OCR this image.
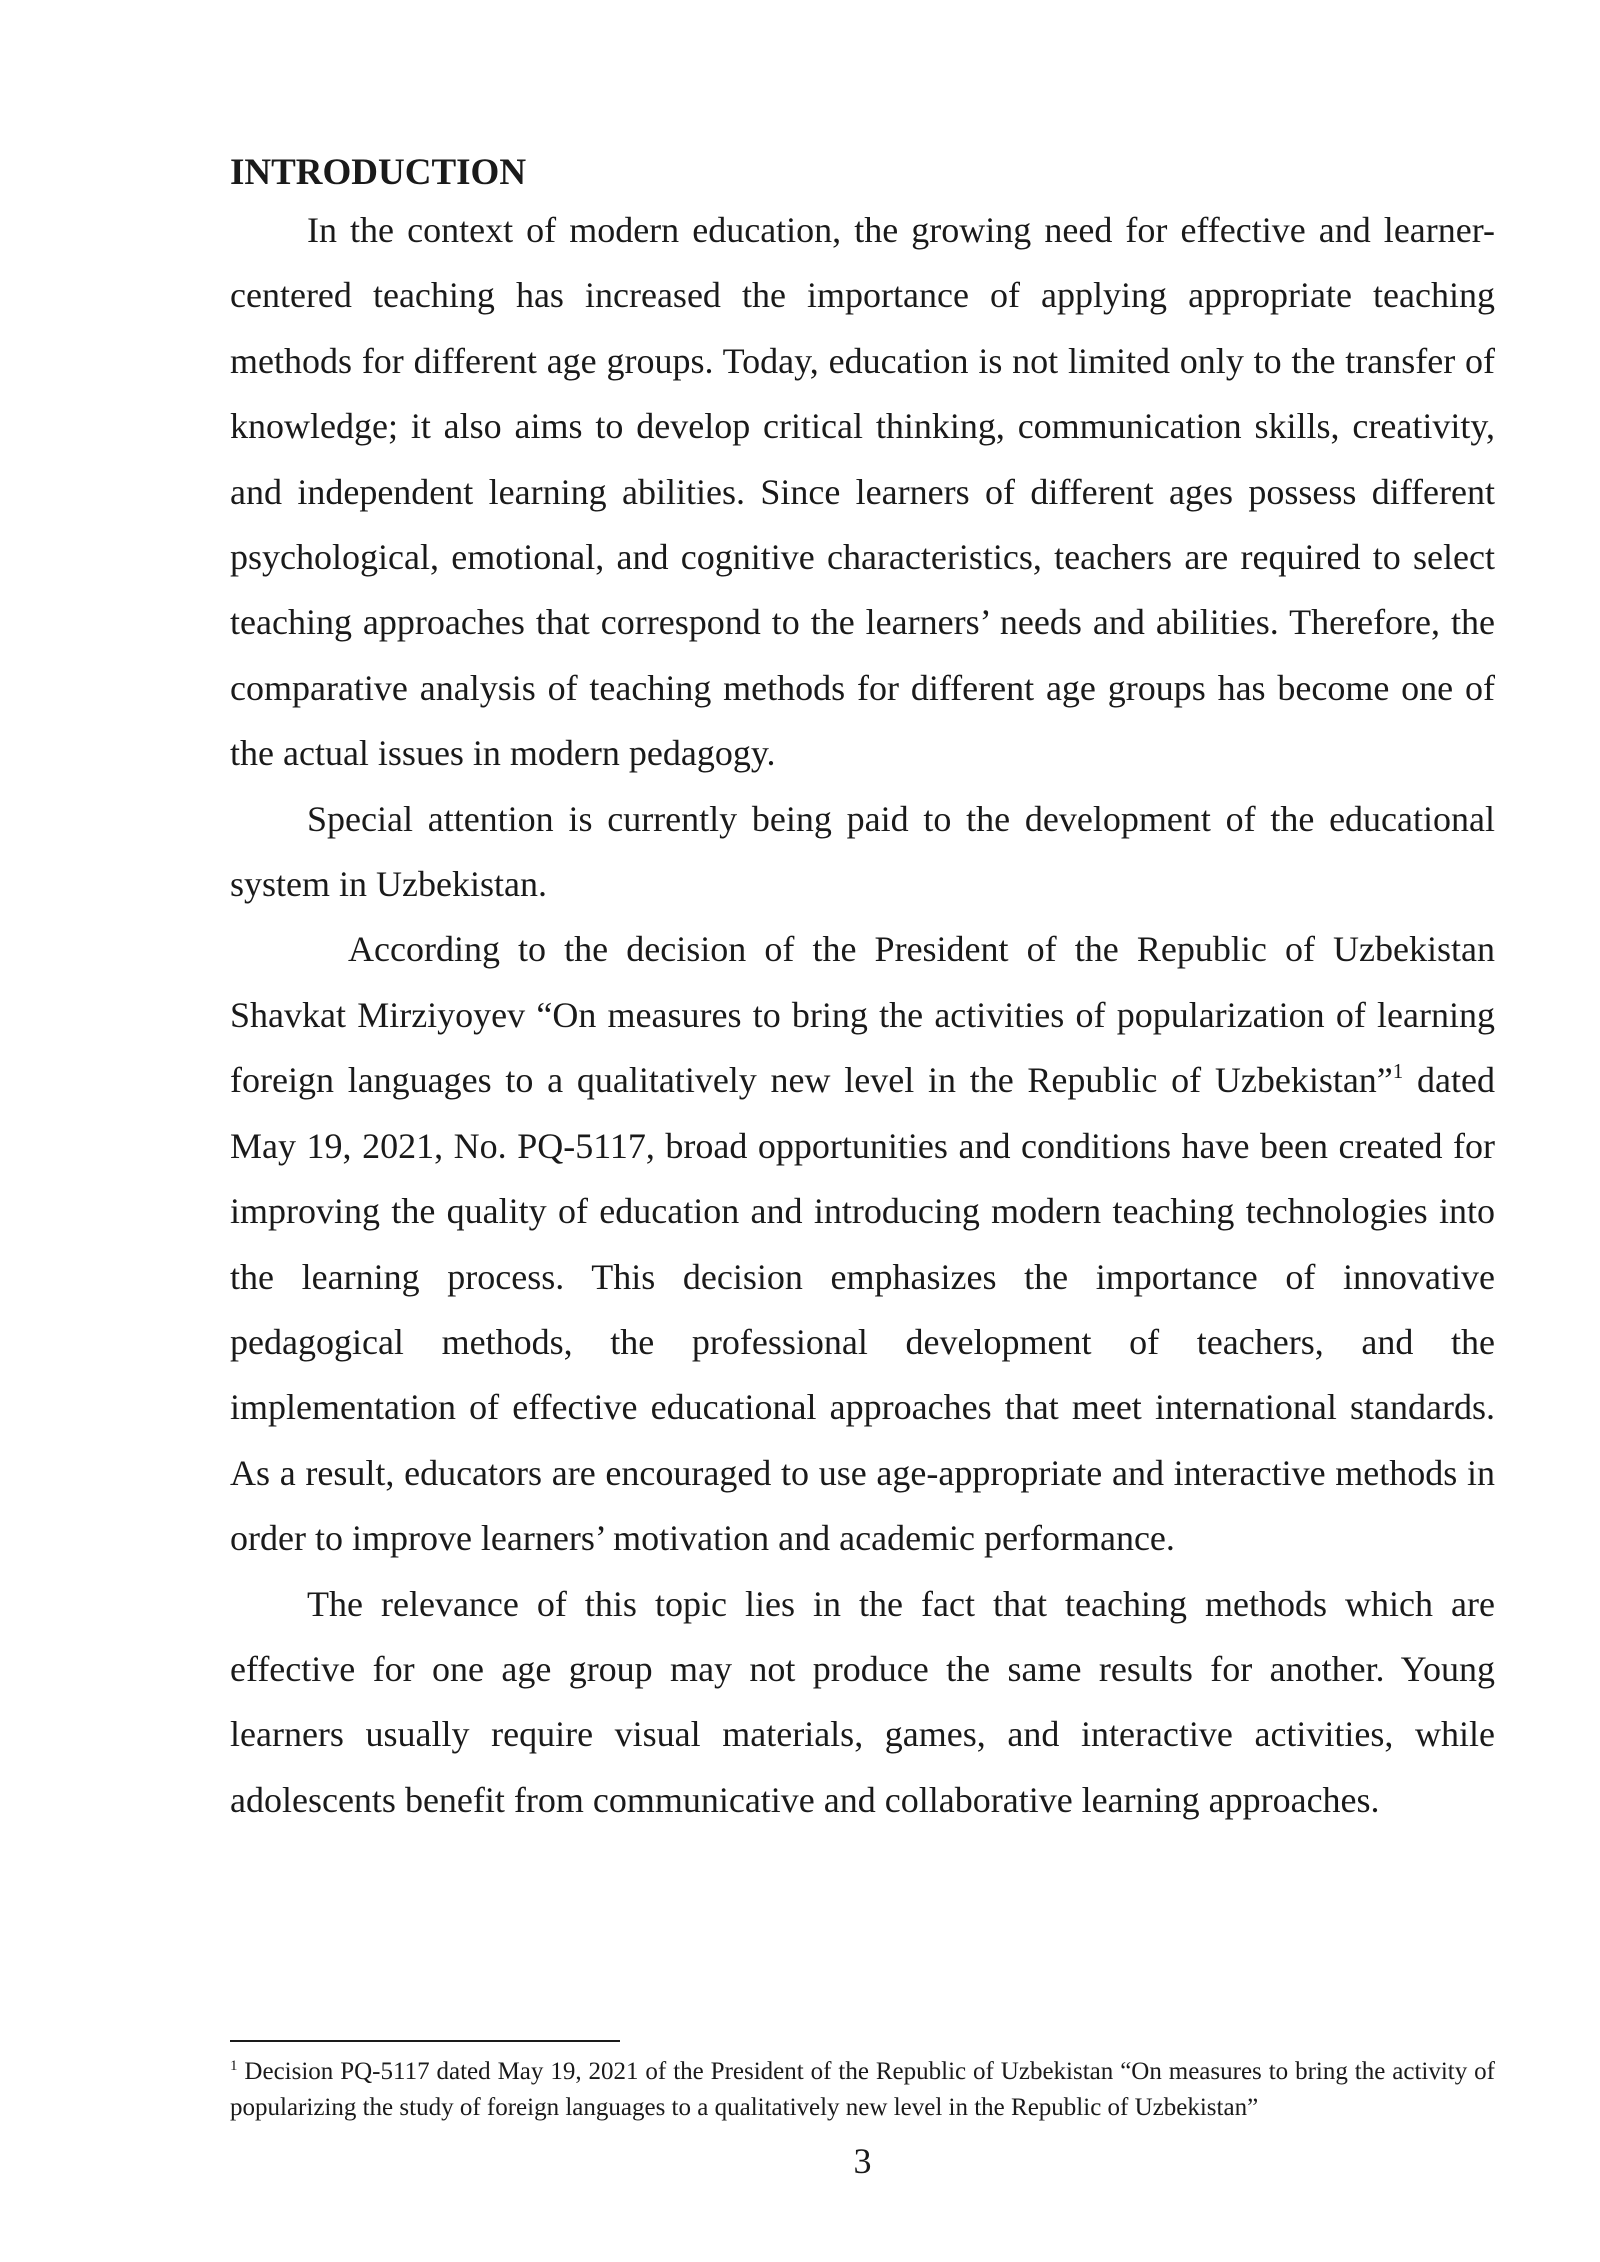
INTRODUCTION

In the context of modern education, the growing need for effective and learner-centered teaching has increased the importance of applying appropriate teaching methods for different age groups. Today, education is not limited only to the transfer of knowledge; it also aims to develop critical thinking, communication skills, creativity, and independent learning abilities. Since learners of different ages possess different psychological, emotional, and cognitive characteristics, teachers are required to select teaching approaches that correspond to the learners’ needs and abilities. Therefore, the comparative analysis of teaching methods for different age groups has become one of the actual issues in modern pedagogy.

Special attention is currently being paid to the development of the educational system in Uzbekistan.

According to the decision of the President of the Republic of Uzbekistan Shavkat Mirziyoyev “On measures to bring the activities of popularization of learning foreign languages to a qualitatively new level in the Republic of Uzbekistan”$^1$ dated May 19, 2021, No. PQ-5117, broad opportunities and conditions have been created for improving the quality of education and introducing modern teaching technologies into the learning process. This decision emphasizes the importance of innovative pedagogical methods, the professional development of teachers, and the implementation of effective educational approaches that meet international standards. As a result, educators are encouraged to use age-appropriate and interactive methods in order to improve learners’ motivation and academic performance.

The relevance of this topic lies in the fact that teaching methods which are effective for one age group may not produce the same results for another. Young learners usually require visual materials, games, and interactive activities, while adolescents benefit from communicative and collaborative learning approaches.

$^1$ Decision PQ-5117 dated May 19, 2021 of the President of the Republic of Uzbekistan “On measures to bring the activity of popularizing the study of foreign languages to a qualitatively new level in the Republic of Uzbekistan”

3
